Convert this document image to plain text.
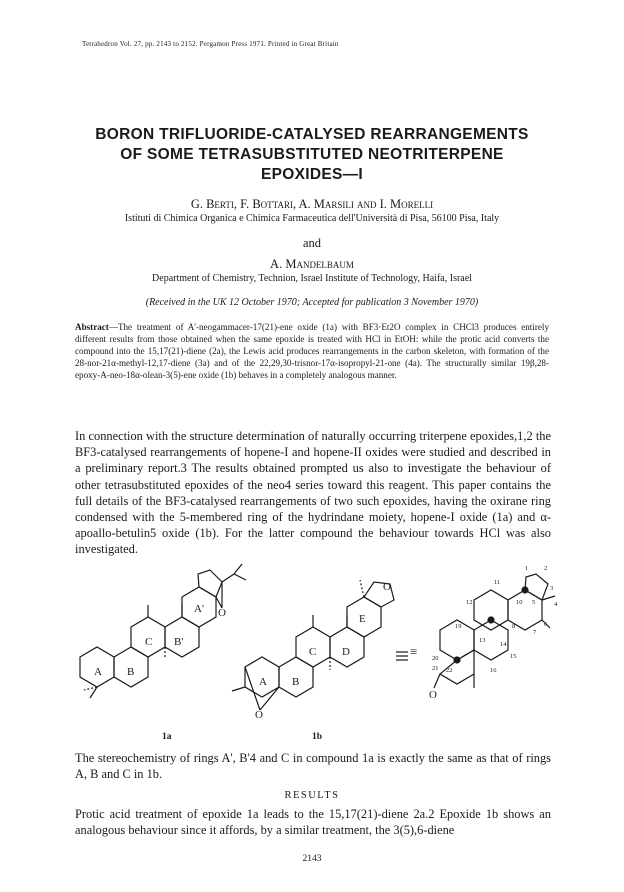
Tetrahedron Vol. 27, pp. 2143 to 2152. Pergamon Press 1971. Printed in Great Britain
BORON TRIFLUORIDE-CATALYSED REARRANGEMENTS
OF SOME TETRASUBSTITUTED NEOTRITERPENE
EPOXIDES—I
G. Berti, F. Bottari, A. Marsili and I. Morelli
Istituti di Chimica Organica e Chimica Farmaceutica dell'Università di Pisa, 56100 Pisa, Italy
and
A. Mandelbaum
Department of Chemistry, Technion, Israel Institute of Technology, Haifa, Israel
(Received in the UK 12 October 1970; Accepted for publication 3 November 1970)
Abstract—The treatment of A'-neogammacer-17(21)-ene oxide (1a) with BF3·Et2O complex in CHCl3 produces entirely different results from those obtained when the same epoxide is treated with HCl in EtOH: while the protic acid converts the compound into the 15,17(21)-diene (2a), the Lewis acid produces rearrangements in the carbon skeleton, with formation of the 28-nor-21α-methyl-12,17-diene (3a) and of the 22,29,30-trisnor-17α-isopropyl-21-one (4a). The structurally similar 19β,28-epoxy-A-neo-18α-olean-3(5)-ene oxide (1b) behaves in a completely analogous manner.
In connection with the structure determination of naturally occurring triterpene epoxides,1,2 the BF3-catalysed rearrangements of hopene-I and hopene-II oxides were studied and described in a preliminary report.3 The results obtained prompted us also to investigate the behaviour of other tetrasubstituted epoxides of the neo4 series toward this reagent. This paper contains the full details of the BF3-catalysed rearrangements of two such epoxides, having the oxirane ring condensed with the 5-membered ring of the hydrindane moiety, hopene-I oxide (1a) and α-apoallo-betulin5 oxide (1b). For the latter compound the behaviour towards HCl was also investigated.
A B
C B'
A' O
A B
C D
E
O
O
O
≡
1 2
3
4
5
6
7
8
10
11
12
13
14
15
16
19
20
21 22
1a	1b
The stereochemistry of rings A', B'4 and C in compound 1a is exactly the same as that of rings A, B and C in 1b.
RESULTS
Protic acid treatment of epoxide 1a leads to the 15,17(21)-diene 2a.2 Epoxide 1b shows an analogous behaviour since it affords, by a similar treatment, the 3(5),6-diene
2143
